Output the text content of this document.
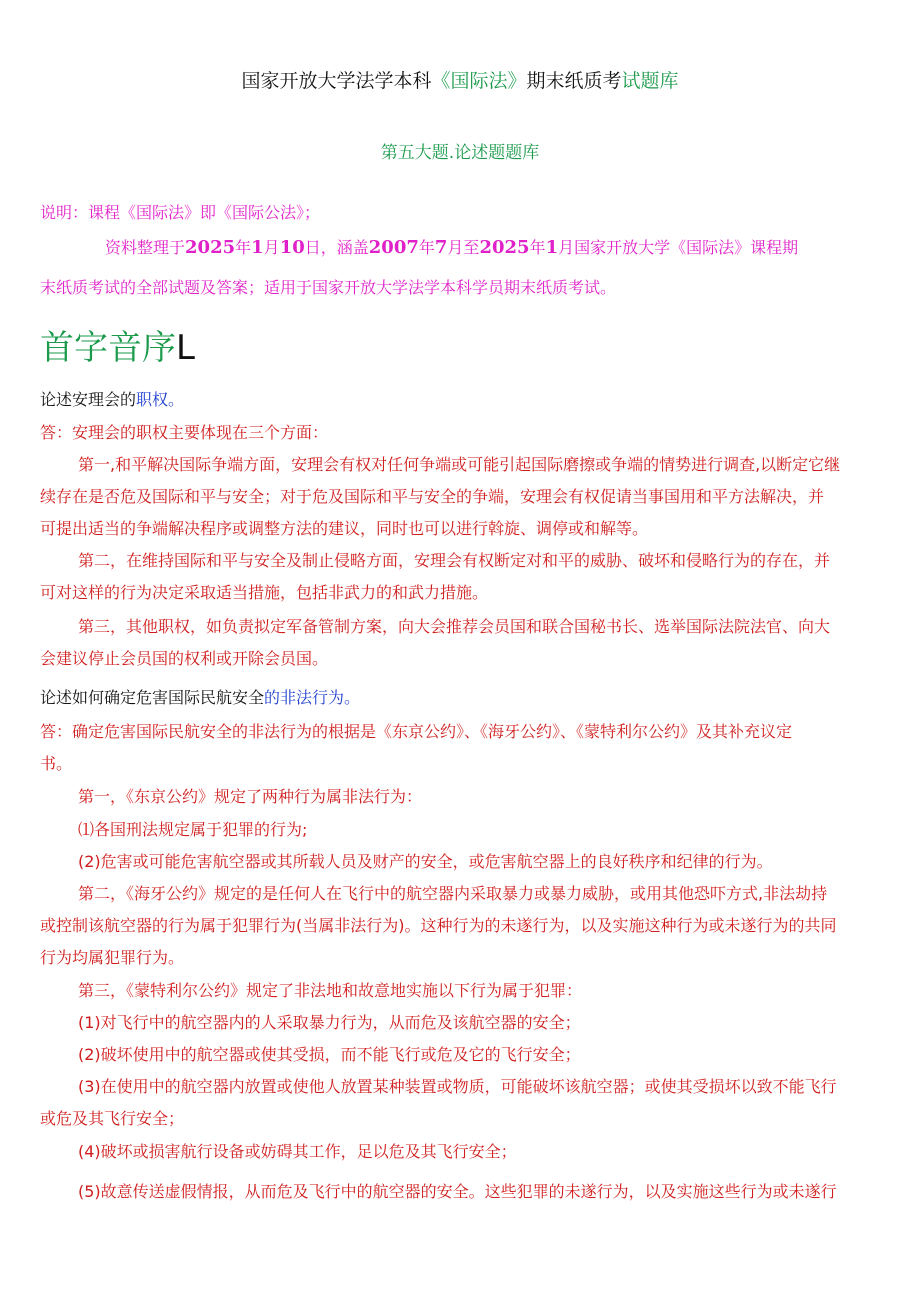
国家开放大学法学本科《国际法》期末纸质考试题库
第五大题.论述题题库
说明：课程《国际法》即《国际公法》；
资料整理于2025年1月10日，涵盖2007年7月至2025年1月国家开放大学《国际法》课程期
末纸质考试的全部试题及答案；适用于国家开放大学法学本科学员期末纸质考试。
首字音序L
论述安理会的职权。
答：安理会的职权主要体现在三个方面：
第一,和平解决国际争端方面，安理会有权对任何争端或可能引起国际磨擦或争端的情势进行调查,以断定它继
续存在是否危及国际和平与安全；对于危及国际和平与安全的争端，安理会有权促请当事国用和平方法解决，并
可提出适当的争端解决程序或调整方法的建议，同时也可以进行斡旋、调停或和解等。
第二，在维持国际和平与安全及制止侵略方面，安理会有权断定对和平的威胁、破坏和侵略行为的存在，并
可对这样的行为决定采取适当措施，包括非武力的和武力措施。
第三，其他职权，如负责拟定军备管制方案，向大会推荐会员国和联合国秘书长、选举国际法院法官、向大
会建议停止会员国的权利或开除会员国。
论述如何确定危害国际民航安全的非法行为。
答：确定危害国际民航安全的非法行为的根据是《东京公约》、《海牙公约》、《蒙特利尔公约》及其补充议定
书。
第一，《东京公约》规定了两种行为属非法行为：
⑴各国刑法规定属于犯罪的行为;
(2)危害或可能危害航空器或其所载人员及财产的安全，或危害航空器上的良好秩序和纪律的行为。
第二，《海牙公约》规定的是任何人在飞行中的航空器内采取暴力或暴力威胁，或用其他恐吓方式,非法劫持
或控制该航空器的行为属于犯罪行为(当属非法行为)。这种行为的未遂行为，以及实施这种行为或未遂行为的共同
行为均属犯罪行为。
第三，《蒙特利尔公约》规定了非法地和故意地实施以下行为属于犯罪：
(1)对飞行中的航空器内的人采取暴力行为，从而危及该航空器的安全；
(2)破坏使用中的航空器或使其受损，而不能飞行或危及它的飞行安全；
(3)在使用中的航空器内放置或使他人放置某种装置或物质，可能破坏该航空器；或使其受损坏以致不能飞行
或危及其飞行安全；
(4)破坏或损害航行设备或妨碍其工作，足以危及其飞行安全；
(5)故意传送虚假情报，从而危及飞行中的航空器的安全。这些犯罪的未遂行为，以及实施这些行为或未遂行
